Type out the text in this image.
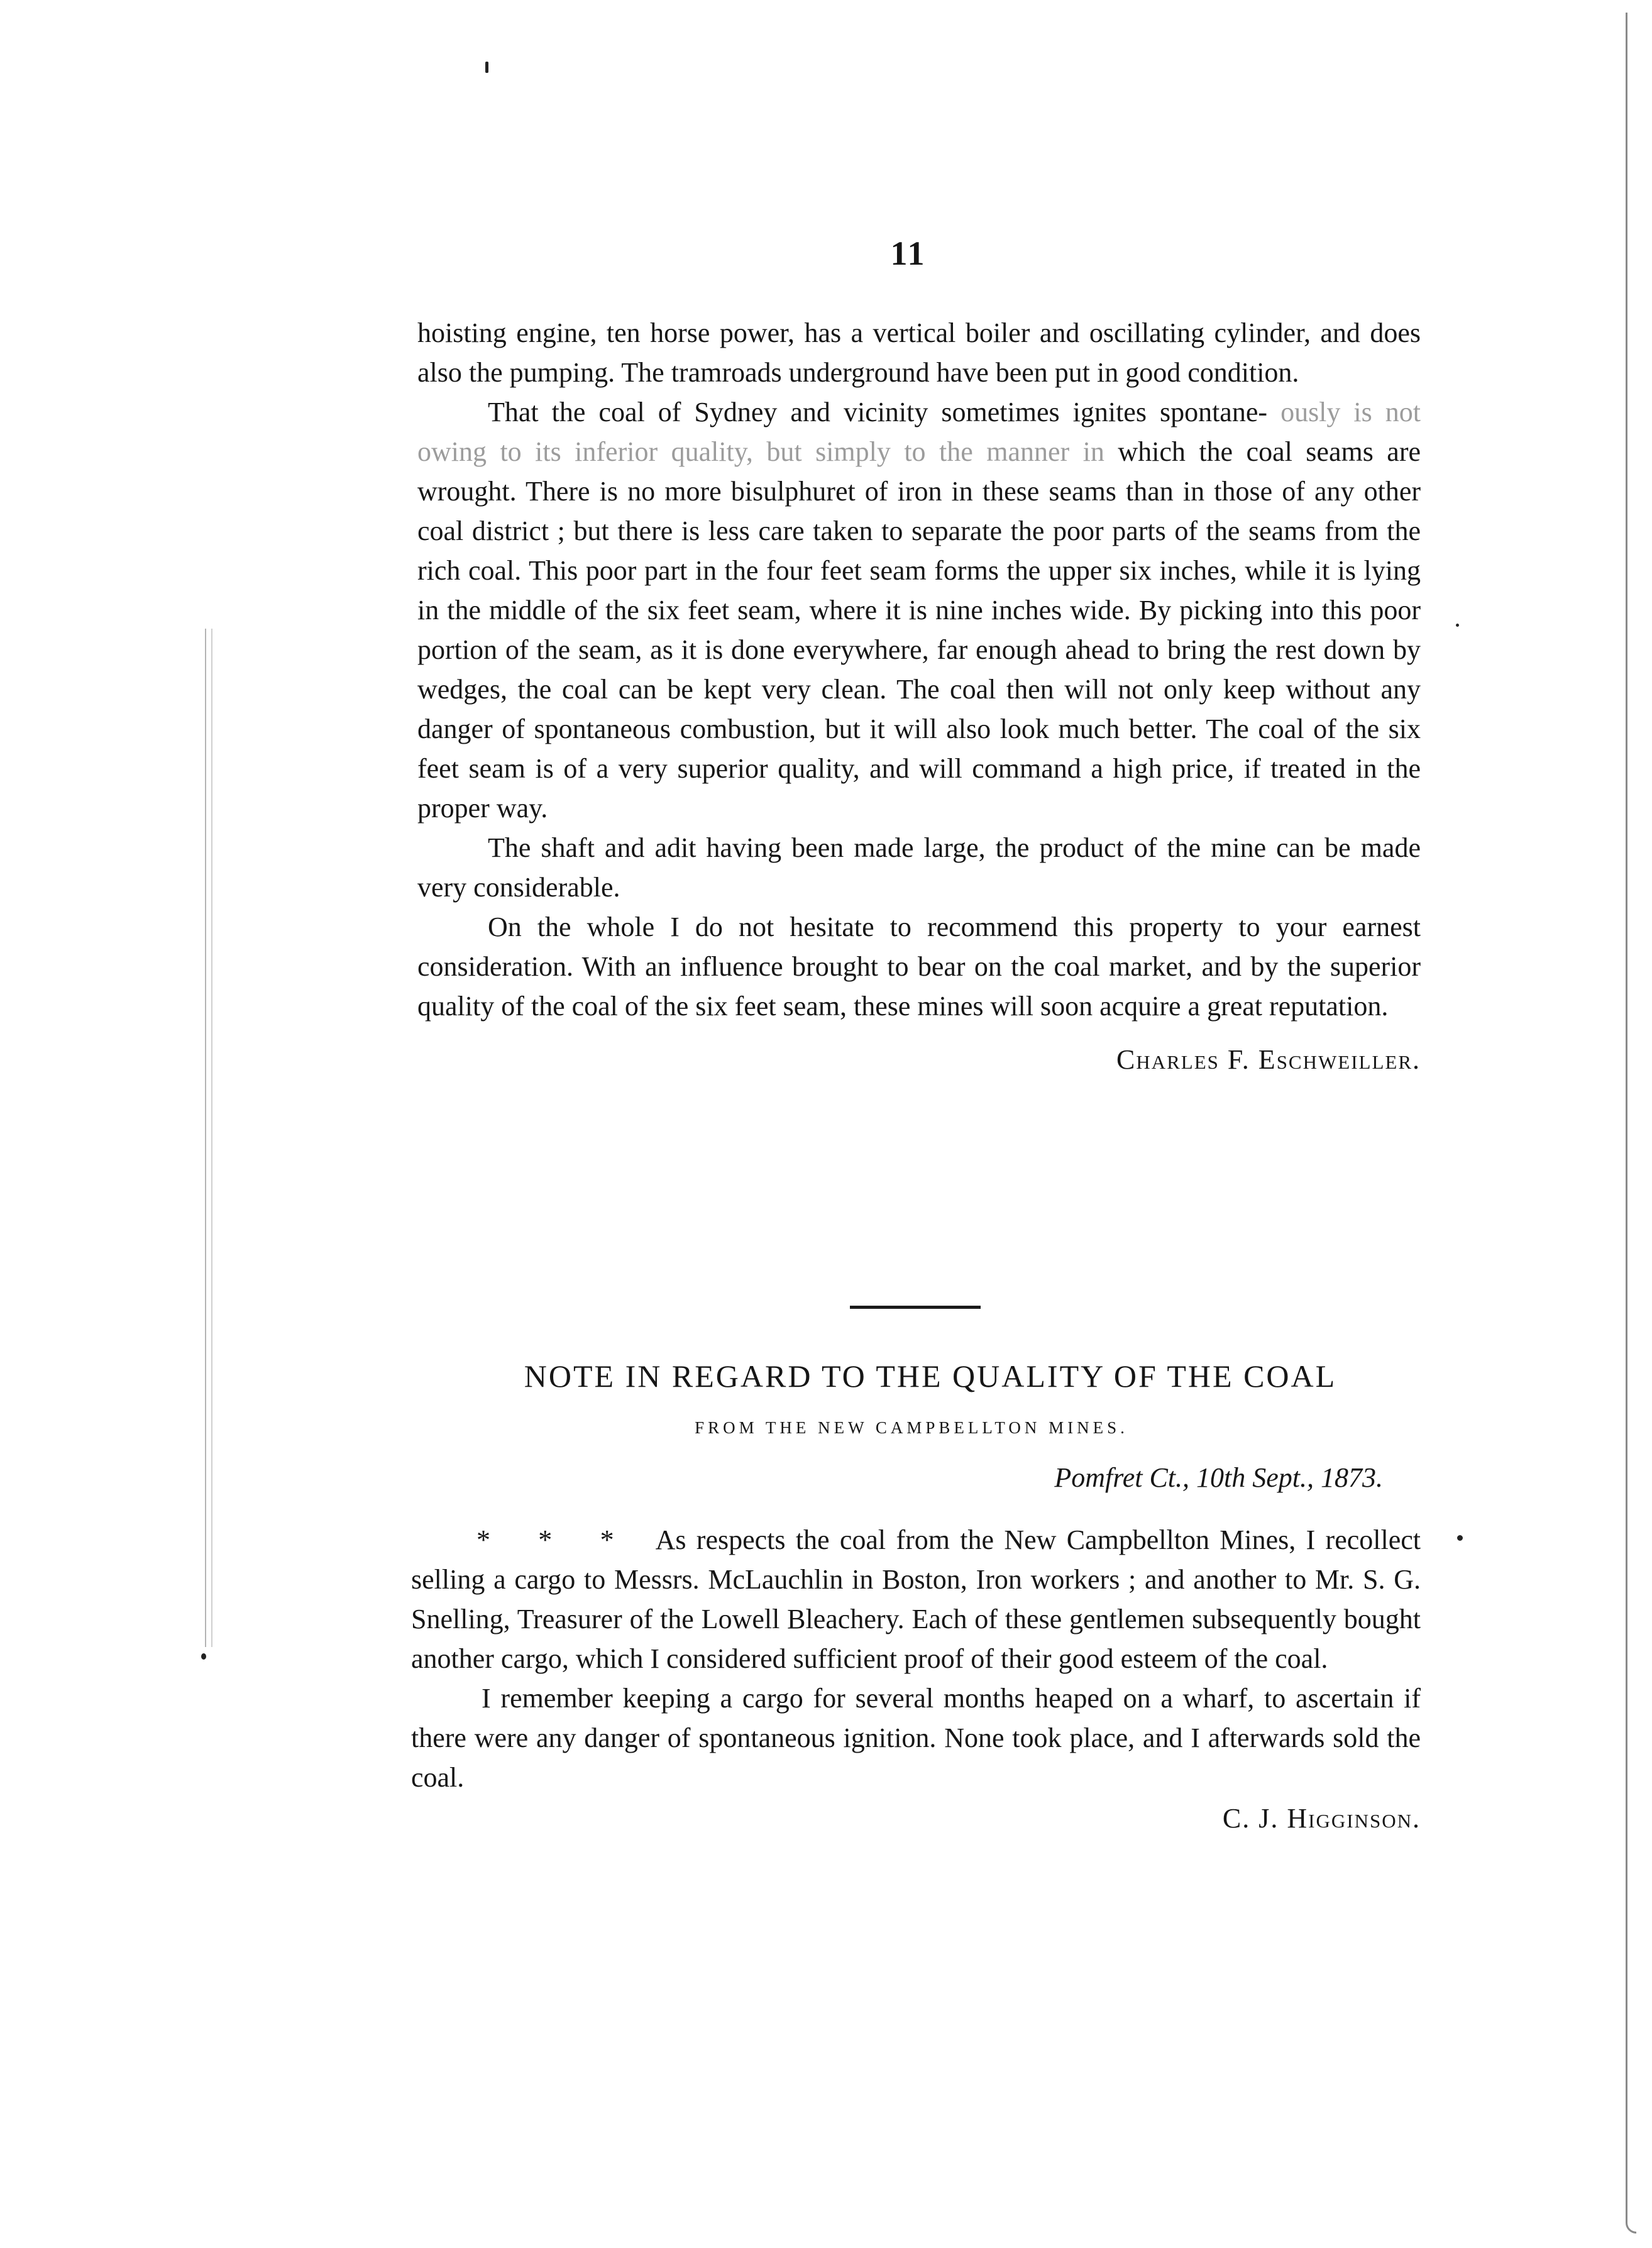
11

hoisting engine, ten horse power, has a vertical boiler and oscillating cylinder, and does also the pumping. The tramroads underground have been put in good condition.

That the coal of Sydney and vicinity sometimes ignites spontane- ously is not owing to its inferior quality, but simply to the manner in which the coal seams are wrought. There is no more bisulphuret of iron in these seams than in those of any other coal district ; but there is less care taken to separate the poor parts of the seams from the rich coal. This poor part in the four feet seam forms the upper six inches, while it is lying in the middle of the six feet seam, where it is nine inches wide. By picking into this poor portion of the seam, as it is done everywhere, far enough ahead to bring the rest down by wedges, the coal can be kept very clean. The coal then will not only keep without any danger of spontaneous combustion, but it will also look much better. The coal of the six feet seam is of a very superior quality, and will command a high price, if treated in the proper way.

The shaft and adit having been made large, the product of the mine can be made very considerable.

On the whole I do not hesitate to recommend this property to your earnest consideration. With an influence brought to bear on the coal market, and by the superior quality of the coal of the six feet seam, these mines will soon acquire a great reputation.

Charles F. Eschweiller.

NOTE IN REGARD TO THE QUALITY OF THE COAL

FROM THE NEW CAMPBELLTON MINES.

Pomfret Ct., 10th Sept., 1873.

* * * As respects the coal from the New Campbellton Mines, I recollect selling a cargo to Messrs. McLauchlin in Boston, Iron workers ; and another to Mr. S. G. Snelling, Treasurer of the Lowell Bleachery. Each of these gentlemen subsequently bought another cargo, which I considered sufficient proof of their good esteem of the coal.

I remember keeping a cargo for several months heaped on a wharf, to ascertain if there were any danger of spontaneous ignition. None took place, and I afterwards sold the coal.

C. J. Higginson.
